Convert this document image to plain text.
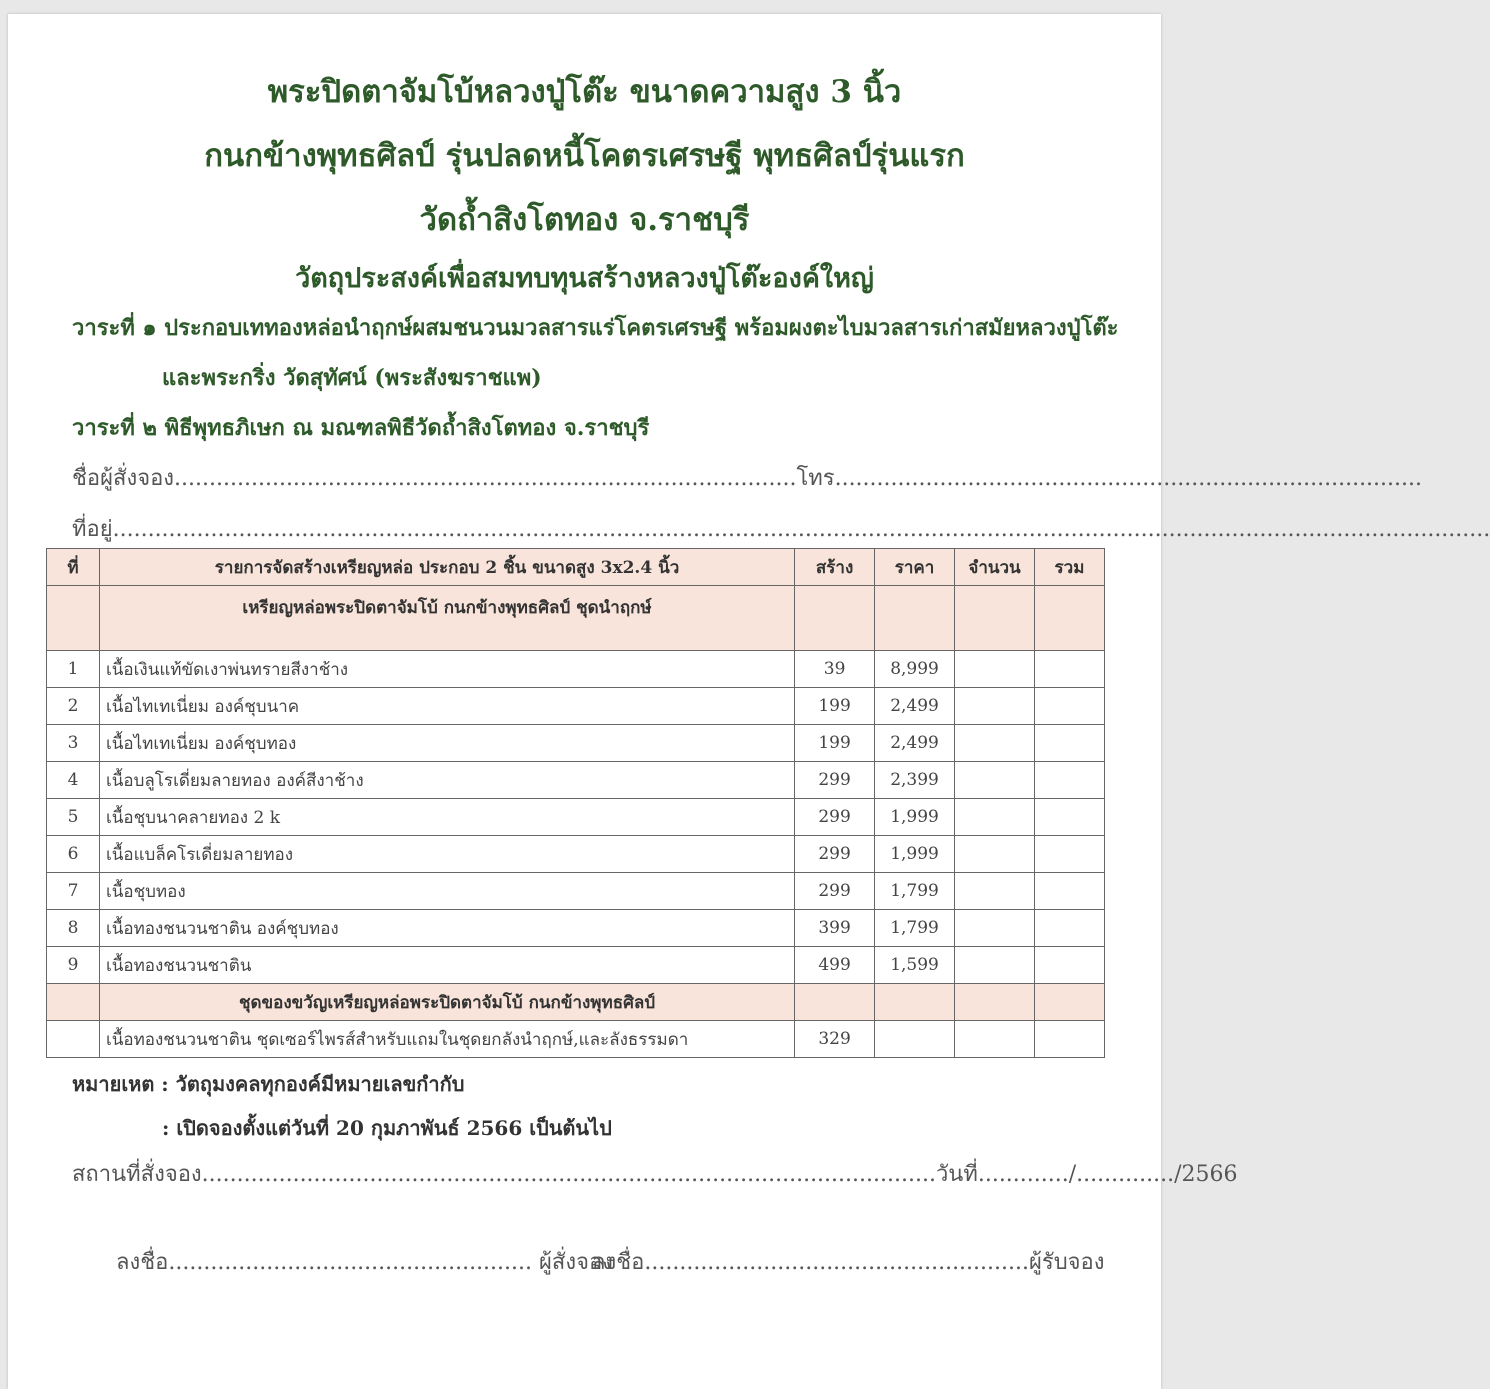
พระปิดตาจัมโบ้หลวงปู่โต๊ะ ขนาดความสูง 3 นิ้ว
กนกข้างพุทธศิลป์ รุ่นปลดหนี้โคตรเศรษฐี พุทธศิลป์รุ่นแรก
วัดถ้ำสิงโตทอง จ.ราชบุรี
วัตถุประสงค์เพื่อสมทบทุนสร้างหลวงปู่โต๊ะองค์ใหญ่
วาระที่ ๑ ประกอบเททองหล่อนำฤกษ์ผสมชนวนมวลสารแร่โคตรเศรษฐี พร้อมผงตะไบมวลสารเก่าสมัยหลวงปู่โต๊ะ
และพระกริ่ง วัดสุทัศน์ (พระสังฆราชแพ)
วาระที่ ๒ พิธีพุทธภิเษก ณ มณฑลพิธีวัดถ้ำสิงโตทอง จ.ราชบุรี
ชื่อผู้สั่งจอง.........................................................................................โทร....................................................................................
ที่อยู่.....................................................................................................................................................................................................
ที่	รายการจัดสร้างเหรียญหล่อ ประกอบ 2 ชิ้น ขนาดสูง 3x2.4 นิ้ว	สร้าง	ราคา	จำนวน	รวม
	เหรียญหล่อพระปิดตาจัมโบ้ กนกข้างพุทธศิลป์ ชุดนำฤกษ์				
1	เนื้อเงินแท้ขัดเงาพ่นทรายสีงาช้าง	39	8,999		
2	เนื้อไทเทเนี่ยม องค์ชุบนาค	199	2,499		
3	เนื้อไทเทเนี่ยม องค์ชุบทอง	199	2,499		
4	เนื้อบลูโรเดี่ยมลายทอง องค์สีงาช้าง	299	2,399		
5	เนื้อชุบนาคลายทอง 2 k	299	1,999		
6	เนื้อแบล็คโรเดี่ยมลายทอง	299	1,999		
7	เนื้อชุบทอง	299	1,799		
8	เนื้อทองชนวนชาติน องค์ชุบทอง	399	1,799		
9	เนื้อทองชนวนชาติน	499	1,599		
	ชุดของขวัญเหรียญหล่อพระปิดตาจัมโบ้ กนกข้างพุทธศิลป์				
	เนื้อทองชนวนชาติน ชุดเซอร์ไพรส์สำหรับแถมในชุดยกลังนำฤกษ์,และลังธรรมดา	329			
หมายเหต : วัตถุมงคลทุกองค์มีหมายเลขกำกับ
: เปิดจองตั้งแต่วันที่ 20 กุมภาพันธ์ 2566 เป็นต้นไป
สถานที่สั่งจอง.........................................................................................................วันที่............./............../2566
ลงชื่อ.................................................... ผู้สั่งจอง
ลงชื่อ.......................................................ผู้รับจอง
